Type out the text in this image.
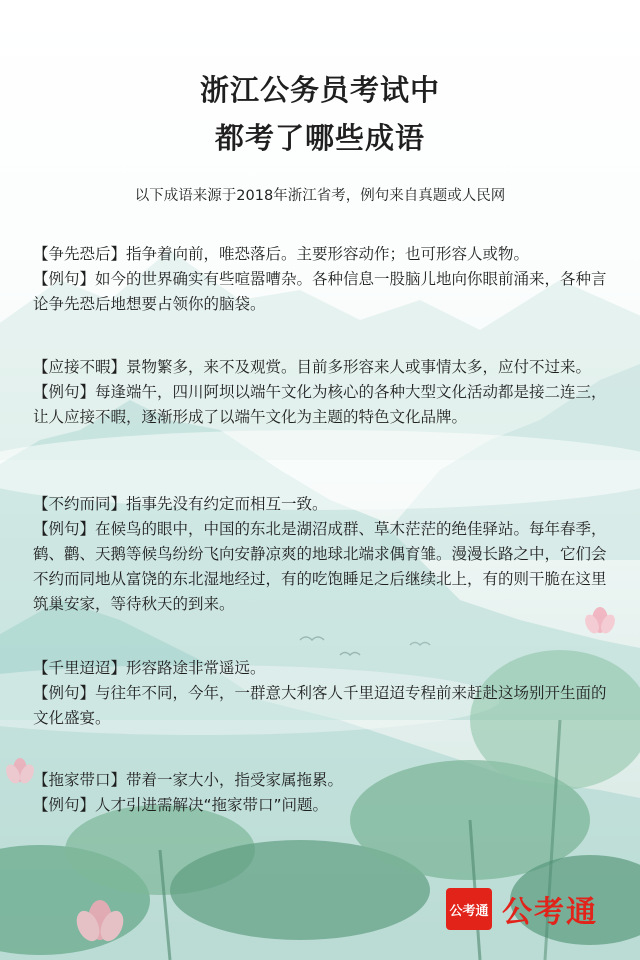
浙江公务员考试中
都考了哪些成语
以下成语来源于2018年浙江省考，例句来自真题或人民网

【争先恐后】指争着向前，唯恐落后。主要形容动作；也可形容人或物。

【例句】如今的世界确实有些喧嚣嘈杂。各种信息一股脑儿地向你眼前涌来，各种言论争先恐后地想要占领你的脑袋。

【应接不暇】景物繁多，来不及观赏。目前多形容来人或事情太多，应付不过来。

【例句】每逢端午，四川阿坝以端午文化为核心的各种大型文化活动都是接二连三，让人应接不暇，逐渐形成了以端午文化为主题的特色文化品牌。

【不约而同】指事先没有约定而相互一致。

【例句】在候鸟的眼中，中国的东北是湖沼成群、草木茫茫的绝佳驿站。每年春季，鹤、鹳、天鹅等候鸟纷纷飞向安静凉爽的地球北端求偶育雏。漫漫长路之中，它们会不约而同地从富饶的东北湿地经过，有的吃饱睡足之后继续北上，有的则干脆在这里筑巢安家，等待秋天的到来。

【千里迢迢】形容路途非常遥远。

【例句】与往年不同，今年，一群意大利客人千里迢迢专程前来赶赴这场别开生面的文化盛宴。

【拖家带口】带着一家大小，指受家属拖累。

【例句】人才引进需解决“拖家带口”问题。

公考通 公考通
